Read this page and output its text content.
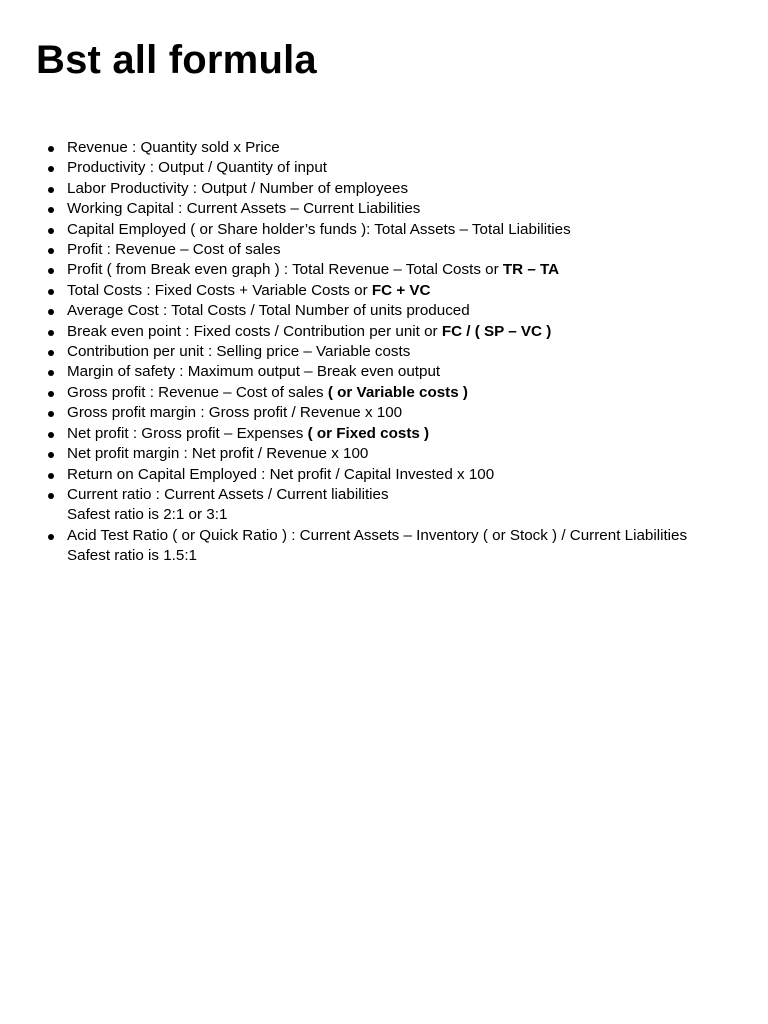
Bst all formula
Revenue : Quantity sold x Price
Productivity : Output / Quantity of input
Labor Productivity : Output / Number of employees
Working Capital : Current Assets – Current Liabilities
Capital Employed ( or Share holder’s funds ): Total Assets – Total Liabilities
Profit : Revenue – Cost of sales
Profit ( from Break even graph ) : Total Revenue – Total Costs or TR – TA
Total Costs : Fixed Costs + Variable Costs or FC + VC
Average Cost : Total Costs / Total Number of units produced
Break even point : Fixed costs / Contribution per unit or FC / ( SP – VC )
Contribution per unit : Selling price – Variable costs
Margin of safety : Maximum output – Break even output
Gross profit : Revenue – Cost of sales ( or Variable costs )
Gross profit margin : Gross profit / Revenue x 100
Net profit : Gross profit – Expenses ( or Fixed costs )
Net profit margin : Net profit / Revenue x 100
Return on Capital Employed : Net profit / Capital Invested x 100
Current ratio : Current Assets / Current liabilities
Safest ratio is 2:1 or 3:1
Acid Test Ratio ( or Quick Ratio ) : Current Assets – Inventory ( or Stock ) / Current Liabilities
Safest ratio is 1.5:1
